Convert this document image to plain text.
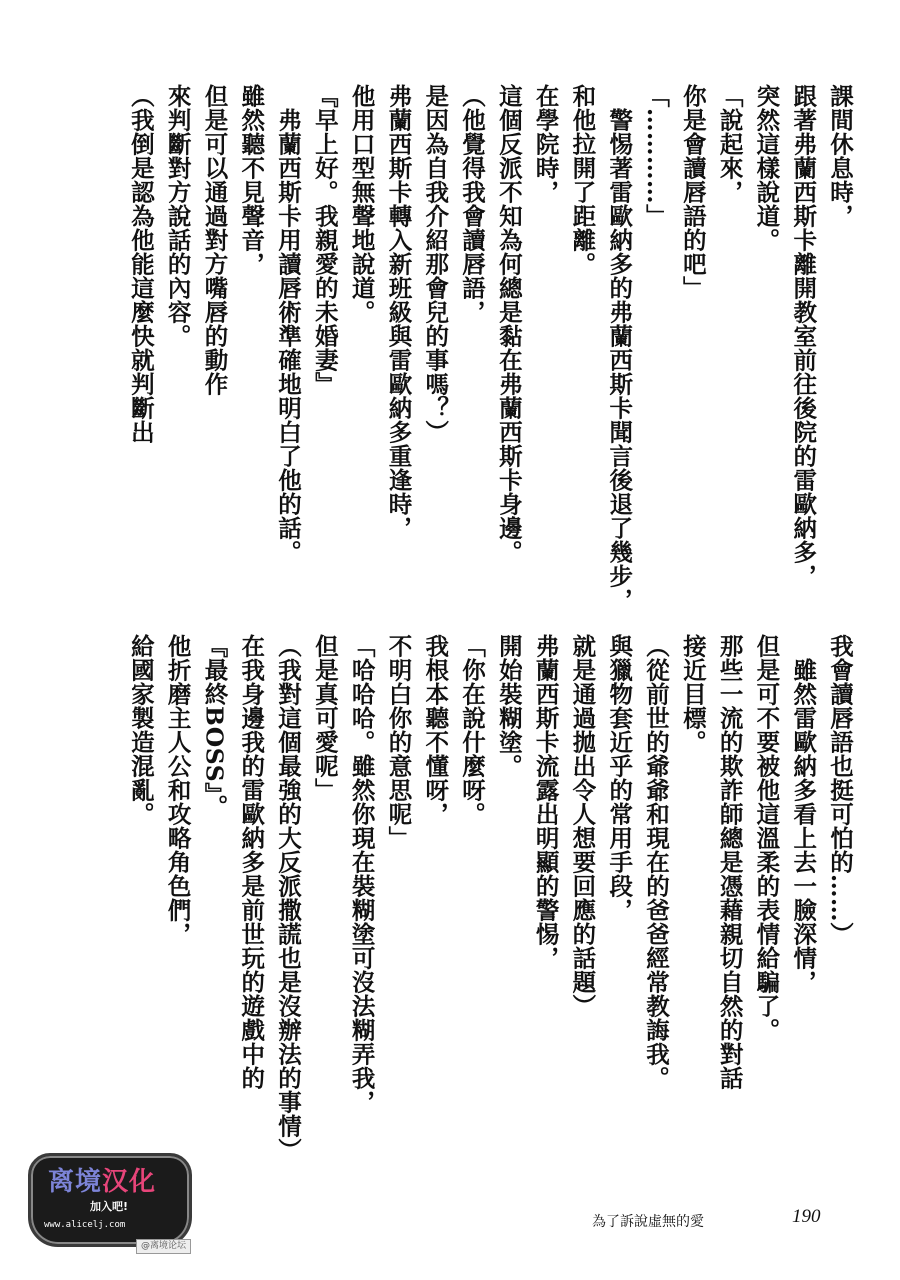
課間休息時，
跟著弗蘭西斯卡離開教室前往後院的雷歐納多，
突然這樣說道。
「說起來，
你是會讀唇語的吧」
「…………」
　警惕著雷歐納多的弗蘭西斯卡聞言後退了幾步，
和他拉開了距離。
在學院時，
這個反派不知為何總是黏在弗蘭西斯卡身邊。
（他覺得我會讀唇語，
是因為自我介紹那會兒的事嗎？）
弗蘭西斯卡轉入新班級與雷歐納多重逢時，
他用口型無聲地說道。
『早上好。我親愛的未婚妻』
　弗蘭西斯卡用讀唇術準確地明白了他的話。
雖然聽不見聲音，
但是可以通過對方嘴唇的動作
來判斷對方說話的內容。
（我倒是認為他能這麼快就判斷出
我會讀唇語也挺可怕的……）
　雖然雷歐納多看上去一臉深情，
但是可不要被他這溫柔的表情給騙了。
那些一流的欺詐師總是憑藉親切自然的對話
接近目標。
（從前世的爺爺和現在的爸爸經常教誨我。
與獵物套近乎的常用手段，
就是通過拋出令人想要回應的話題）
弗蘭西斯卡流露出明顯的警惕，
開始裝糊塗。
「你在說什麼呀。
我根本聽不懂呀，
不明白你的意思呢」
「哈哈哈。雖然你現在裝糊塗可沒法糊弄我，
但是真可愛呢」
（我對這個最強的大反派撒謊也是沒辦法的事情）
在我身邊我的雷歐納多是前世玩的遊戲中的
『最終BOSS』。
他折磨主人公和攻略角色們，
給國家製造混亂。
离境汉化
加入吧!
www.alicelj.com
@离境论坛
為了訴說虛無的愛	190
